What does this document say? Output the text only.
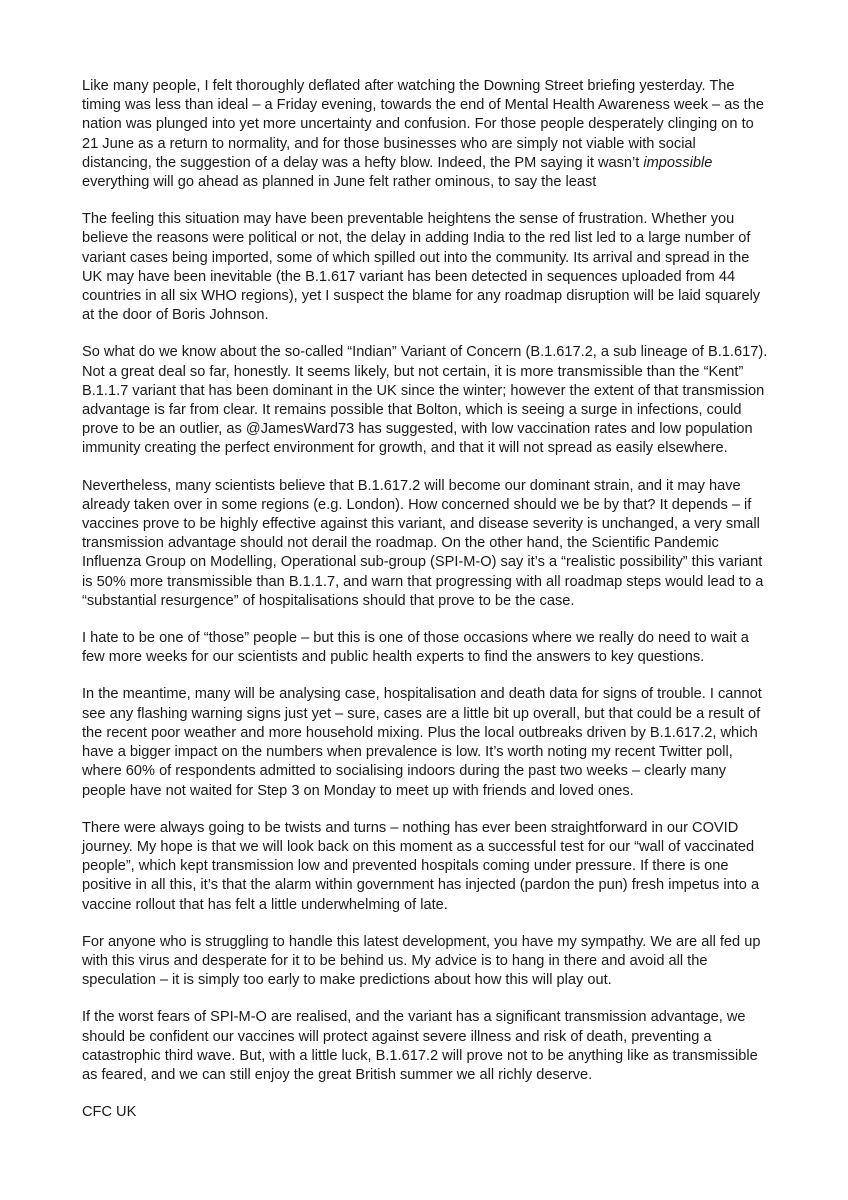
Like many people, I felt thoroughly deflated after watching the Downing Street briefing yesterday. The timing was less than ideal – a Friday evening, towards the end of Mental Health Awareness week – as the nation was plunged into yet more uncertainty and confusion. For those people desperately clinging on to 21 June as a return to normality, and for those businesses who are simply not viable with social distancing, the suggestion of a delay was a hefty blow. Indeed, the PM saying it wasn’t impossible everything will go ahead as planned in June felt rather ominous, to say the least

The feeling this situation may have been preventable heightens the sense of frustration. Whether you believe the reasons were political or not, the delay in adding India to the red list led to a large number of variant cases being imported, some of which spilled out into the community. Its arrival and spread in the UK may have been inevitable (the B.1.617 variant has been detected in sequences uploaded from 44 countries in all six WHO regions), yet I suspect the blame for any roadmap disruption will be laid squarely at the door of Boris Johnson.

So what do we know about the so-called “Indian” Variant of Concern (B.1.617.2, a sub lineage of B.1.617). Not a great deal so far, honestly. It seems likely, but not certain, it is more transmissible than the “Kent” B.1.1.7 variant that has been dominant in the UK since the winter; however the extent of that transmission advantage is far from clear. It remains possible that Bolton, which is seeing a surge in infections, could prove to be an outlier, as @JamesWard73 has suggested, with low vaccination rates and low population immunity creating the perfect environment for growth, and that it will not spread as easily elsewhere.

Nevertheless, many scientists believe that B.1.617.2 will become our dominant strain, and it may have already taken over in some regions (e.g. London). How concerned should we be by that? It depends – if vaccines prove to be highly effective against this variant, and disease severity is unchanged, a very small transmission advantage should not derail the roadmap. On the other hand, the Scientific Pandemic Influenza Group on Modelling, Operational sub-group (SPI-M-O) say it’s a “realistic possibility” this variant is 50% more transmissible than B.1.1.7, and warn that progressing with all roadmap steps would lead to a “substantial resurgence” of hospitalisations should that prove to be the case.

I hate to be one of “those” people – but this is one of those occasions where we really do need to wait a few more weeks for our scientists and public health experts to find the answers to key questions.

In the meantime, many will be analysing case, hospitalisation and death data for signs of trouble. I cannot see any flashing warning signs just yet – sure, cases are a little bit up overall, but that could be a result of the recent poor weather and more household mixing. Plus the local outbreaks driven by B.1.617.2, which have a bigger impact on the numbers when prevalence is low. It’s worth noting my recent Twitter poll, where 60% of respondents admitted to socialising indoors during the past two weeks – clearly many people have not waited for Step 3 on Monday to meet up with friends and loved ones.

There were always going to be twists and turns – nothing has ever been straightforward in our COVID journey. My hope is that we will look back on this moment as a successful test for our “wall of vaccinated people”, which kept transmission low and prevented hospitals coming under pressure. If there is one positive in all this, it’s that the alarm within government has injected (pardon the pun) fresh impetus into a vaccine rollout that has felt a little underwhelming of late.

For anyone who is struggling to handle this latest development, you have my sympathy. We are all fed up with this virus and desperate for it to be behind us. My advice is to hang in there and avoid all the speculation – it is simply too early to make predictions about how this will play out.

If the worst fears of SPI-M-O are realised, and the variant has a significant transmission advantage, we should be confident our vaccines will protect against severe illness and risk of death, preventing a catastrophic third wave. But, with a little luck, B.1.617.2 will prove not to be anything like as transmissible as feared, and we can still enjoy the great British summer we all richly deserve.

CFC UK
